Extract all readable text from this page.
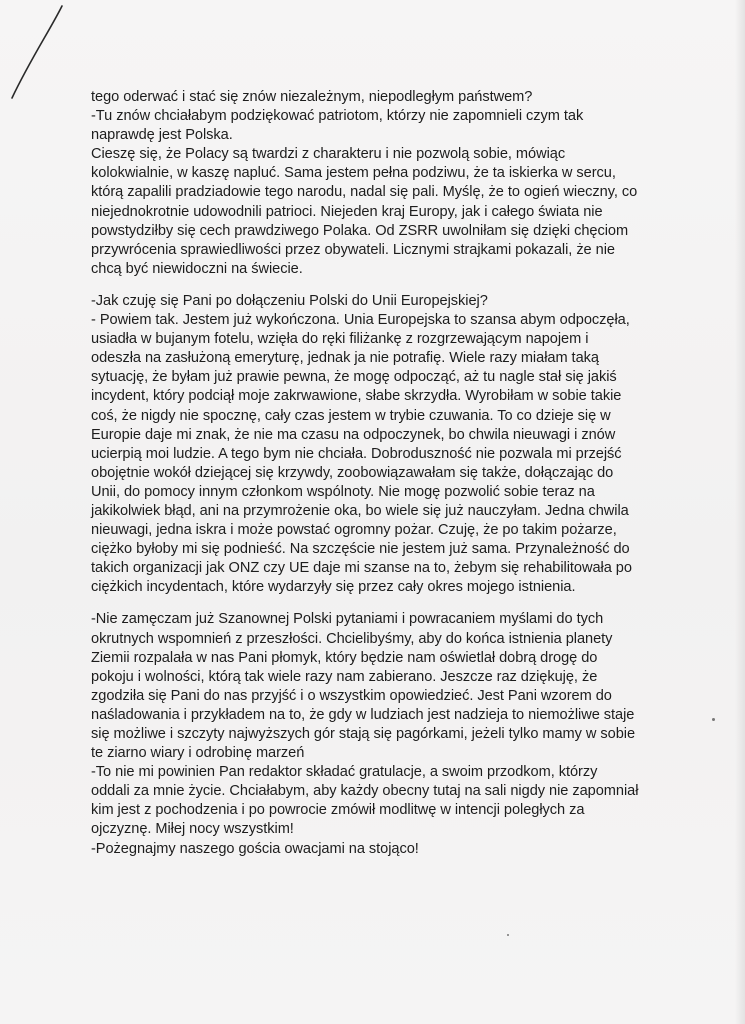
tego oderwać i stać się znów niezależnym, niepodległym państwem?
-Tu znów chciałabym podziękować patriotom, którzy nie zapomnieli czym tak
naprawdę jest Polska.
Cieszę się, że Polacy są twardzi z charakteru i nie pozwolą sobie, mówiąc
kolokwialnie, w kaszę napluć. Sama jestem pełna podziwu, że ta iskierka w sercu,
którą zapalili pradziadowie tego narodu, nadal się pali. Myślę, że to ogień wieczny, co
niejednokrotnie udowodnili patrioci. Niejeden kraj Europy, jak i całego świata nie
powstydziłby się cech prawdziwego Polaka. Od ZSRR uwolniłam się dzięki chęciom
przywrócenia sprawiedliwości przez obywateli. Licznymi strajkami pokazali, że nie
chcą być niewidoczni na świecie.
-Jak czuję się Pani po dołączeniu Polski do Unii Europejskiej?
- Powiem tak. Jestem już wykończona. Unia Europejska to szansa abym odpoczęła,
usiadła w bujanym fotelu, wzięła do ręki filiżankę z rozgrzewającym napojem i
odeszła na zasłużoną emeryturę, jednak ja nie potrafię. Wiele razy miałam taką
sytuację, że byłam już prawie pewna, że mogę odpocząć, aż tu nagle stał się jakiś
incydent, który podciął moje zakrwawione, słabe skrzydła. Wyrobiłam w sobie takie
coś, że nigdy nie spocznę, cały czas jestem w trybie czuwania. To co dzieje się w
Europie daje mi znak, że nie ma czasu na odpoczynek, bo chwila nieuwagi i znów
ucierpią moi ludzie. A tego bym nie chciała. Dobroduszność nie pozwala mi przejść
obojętnie wokół dziejącej się krzywdy, zoobowiązawałam się także, dołączając do
Unii, do pomocy innym członkom wspólnoty. Nie mogę pozwolić sobie teraz na
jakikolwiek błąd, ani na przymrożenie oka, bo wiele się już nauczyłam. Jedna chwila
nieuwagi, jedna iskra i może powstać ogromny pożar. Czuję, że po takim pożarze,
ciężko byłoby mi się podnieść. Na szczęście nie jestem już sama. Przynależność do
takich organizacji jak ONZ czy UE daje mi szanse na to, żebym się rehabilitowała po
ciężkich incydentach, które wydarzyły się przez cały okres mojego istnienia.
-Nie zamęczam już Szanownej Polski pytaniami i powracaniem myślami do tych
okrutnych wspomnień z przeszłości. Chcielibyśmy, aby do końca istnienia planety
Ziemii rozpalała w nas Pani płomyk, który będzie nam oświetlał dobrą drogę do
pokoju i wolności, którą tak wiele razy nam zabierano. Jeszcze raz dziękuję, że
zgodziła się Pani do nas przyjść i o wszystkim opowiedzieć. Jest Pani wzorem do
naśladowania i przykładem na to, że gdy w ludziach jest nadzieja to niemożliwe staje
się możliwe i szczyty najwyższych gór stają się pagórkami, jeżeli tylko mamy w sobie
te ziarno wiary i odrobinę marzeń
-To nie mi powinien Pan redaktor składać gratulacje, a swoim przodkom, którzy
oddali za mnie życie. Chciałabym, aby każdy obecny tutaj na sali nigdy nie zapomniał
kim jest z pochodzenia i po powrocie zmówił modlitwę w intencji poległych za
ojczyznę. Miłej nocy wszystkim!
-Pożegnajmy naszego gościa owacjami na stojąco!
